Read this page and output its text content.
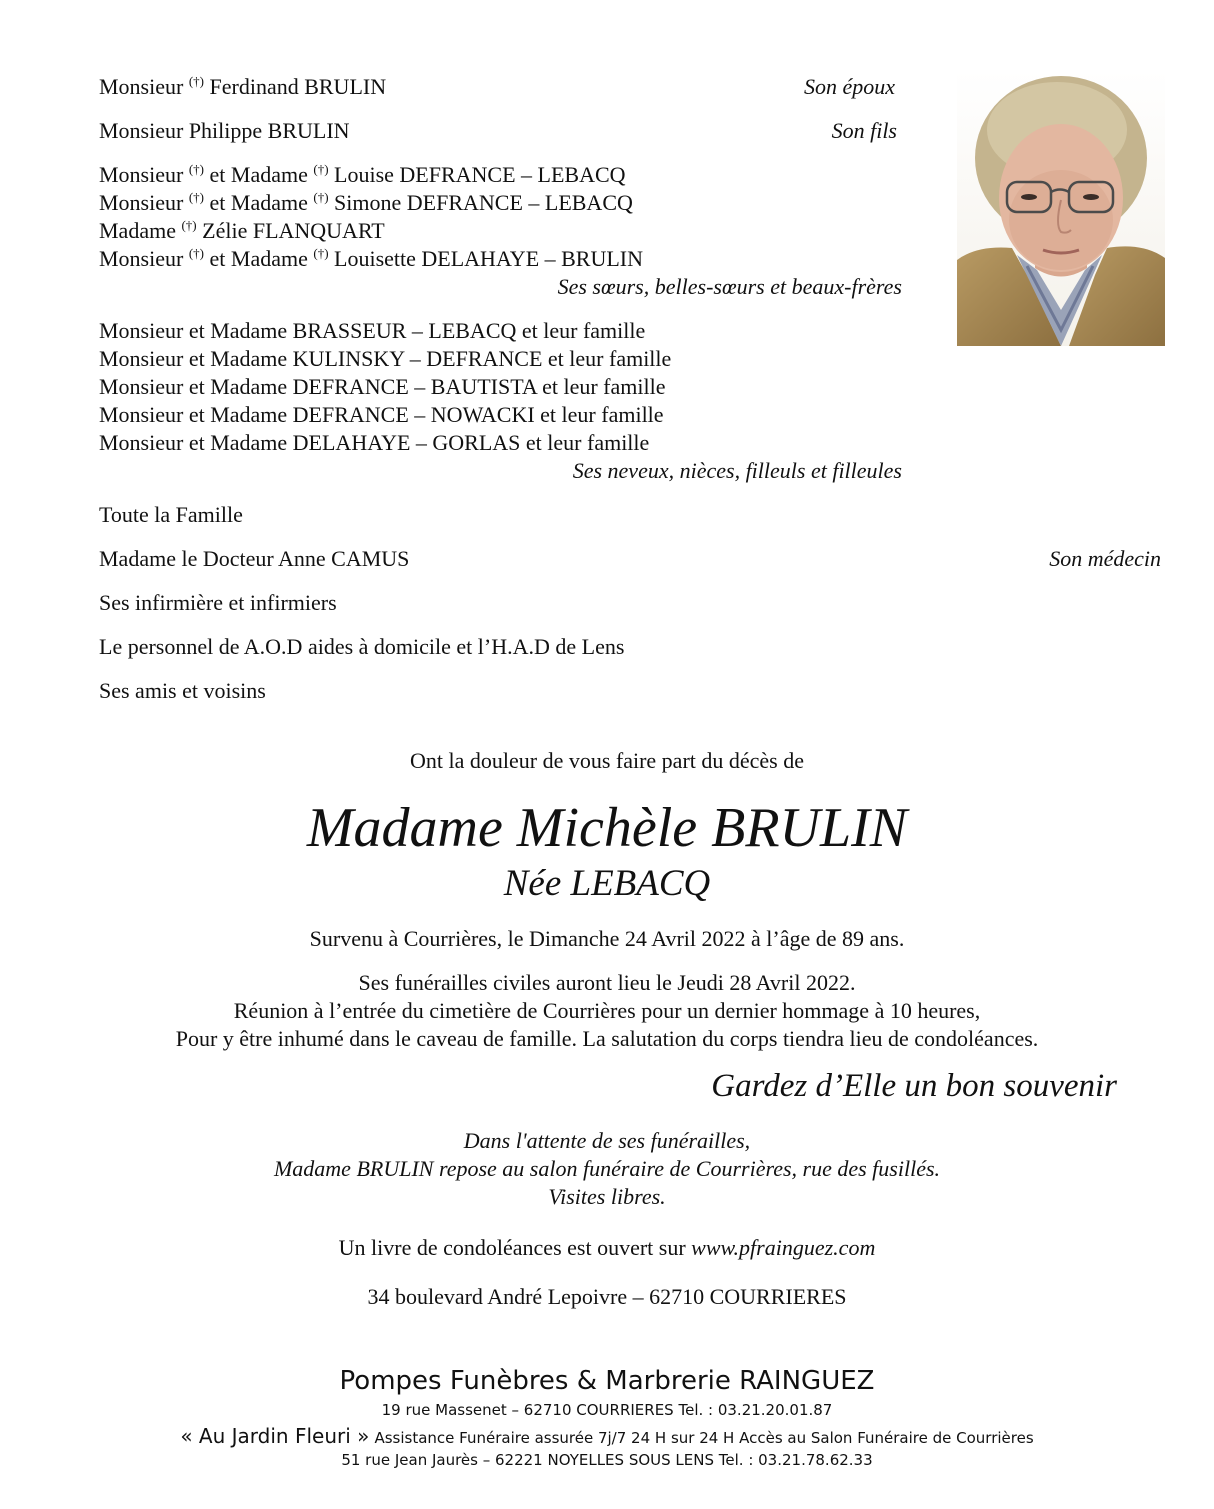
Monsieur (†) Ferdinand BRULIN	Son époux
Monsieur Philippe BRULIN	Son fils
Monsieur (†) et Madame (†) Louise DEFRANCE – LEBACQ
Monsieur (†) et Madame (†) Simone DEFRANCE – LEBACQ
Madame (†) Zélie FLANQUART
Monsieur (†) et Madame (†) Louisette DELAHAYE – BRULIN
Ses sœurs, belles-sœurs et beaux-frères
Monsieur et Madame BRASSEUR – LEBACQ et leur famille
Monsieur et Madame KULINSKY – DEFRANCE et leur famille
Monsieur et Madame DEFRANCE – BAUTISTA et leur famille
Monsieur et Madame DEFRANCE – NOWACKI et leur famille
Monsieur et Madame DELAHAYE – GORLAS et leur famille
Ses neveux, nièces, filleuls et filleules
Toute la Famille
Madame le Docteur Anne CAMUS	Son médecin
Ses infirmière et infirmiers
Le personnel de A.O.D aides à domicile et l’H.A.D de Lens
Ses amis et voisins
Ont la douleur de vous faire part du décès de
Madame Michèle BRULIN
Née LEBACQ
Survenu à Courrières, le Dimanche 24 Avril 2022 à l’âge de 89 ans.
Ses funérailles civiles auront lieu le Jeudi 28 Avril 2022.
Réunion à l’entrée du cimetière de Courrières pour un dernier hommage à 10 heures,
Pour y être inhumé dans le caveau de famille. La salutation du corps tiendra lieu de condoléances.
Gardez d’Elle un bon souvenir
Dans l'attente de ses funérailles,
Madame BRULIN repose au salon funéraire de Courrières, rue des fusillés.
Visites libres.
Un livre de condoléances est ouvert sur www.pfrainguez.com
34 boulevard André Lepoivre – 62710 COURRIERES
Pompes Funèbres & Marbrerie RAINGUEZ
19 rue Massenet – 62710 COURRIERES Tel. : 03.21.20.01.87
« Au Jardin Fleuri » Assistance Funéraire assurée 7j/7 24 H sur 24 H Accès au Salon Funéraire de Courrières
51 rue Jean Jaurès – 62221 NOYELLES SOUS LENS Tel. : 03.21.78.62.33
